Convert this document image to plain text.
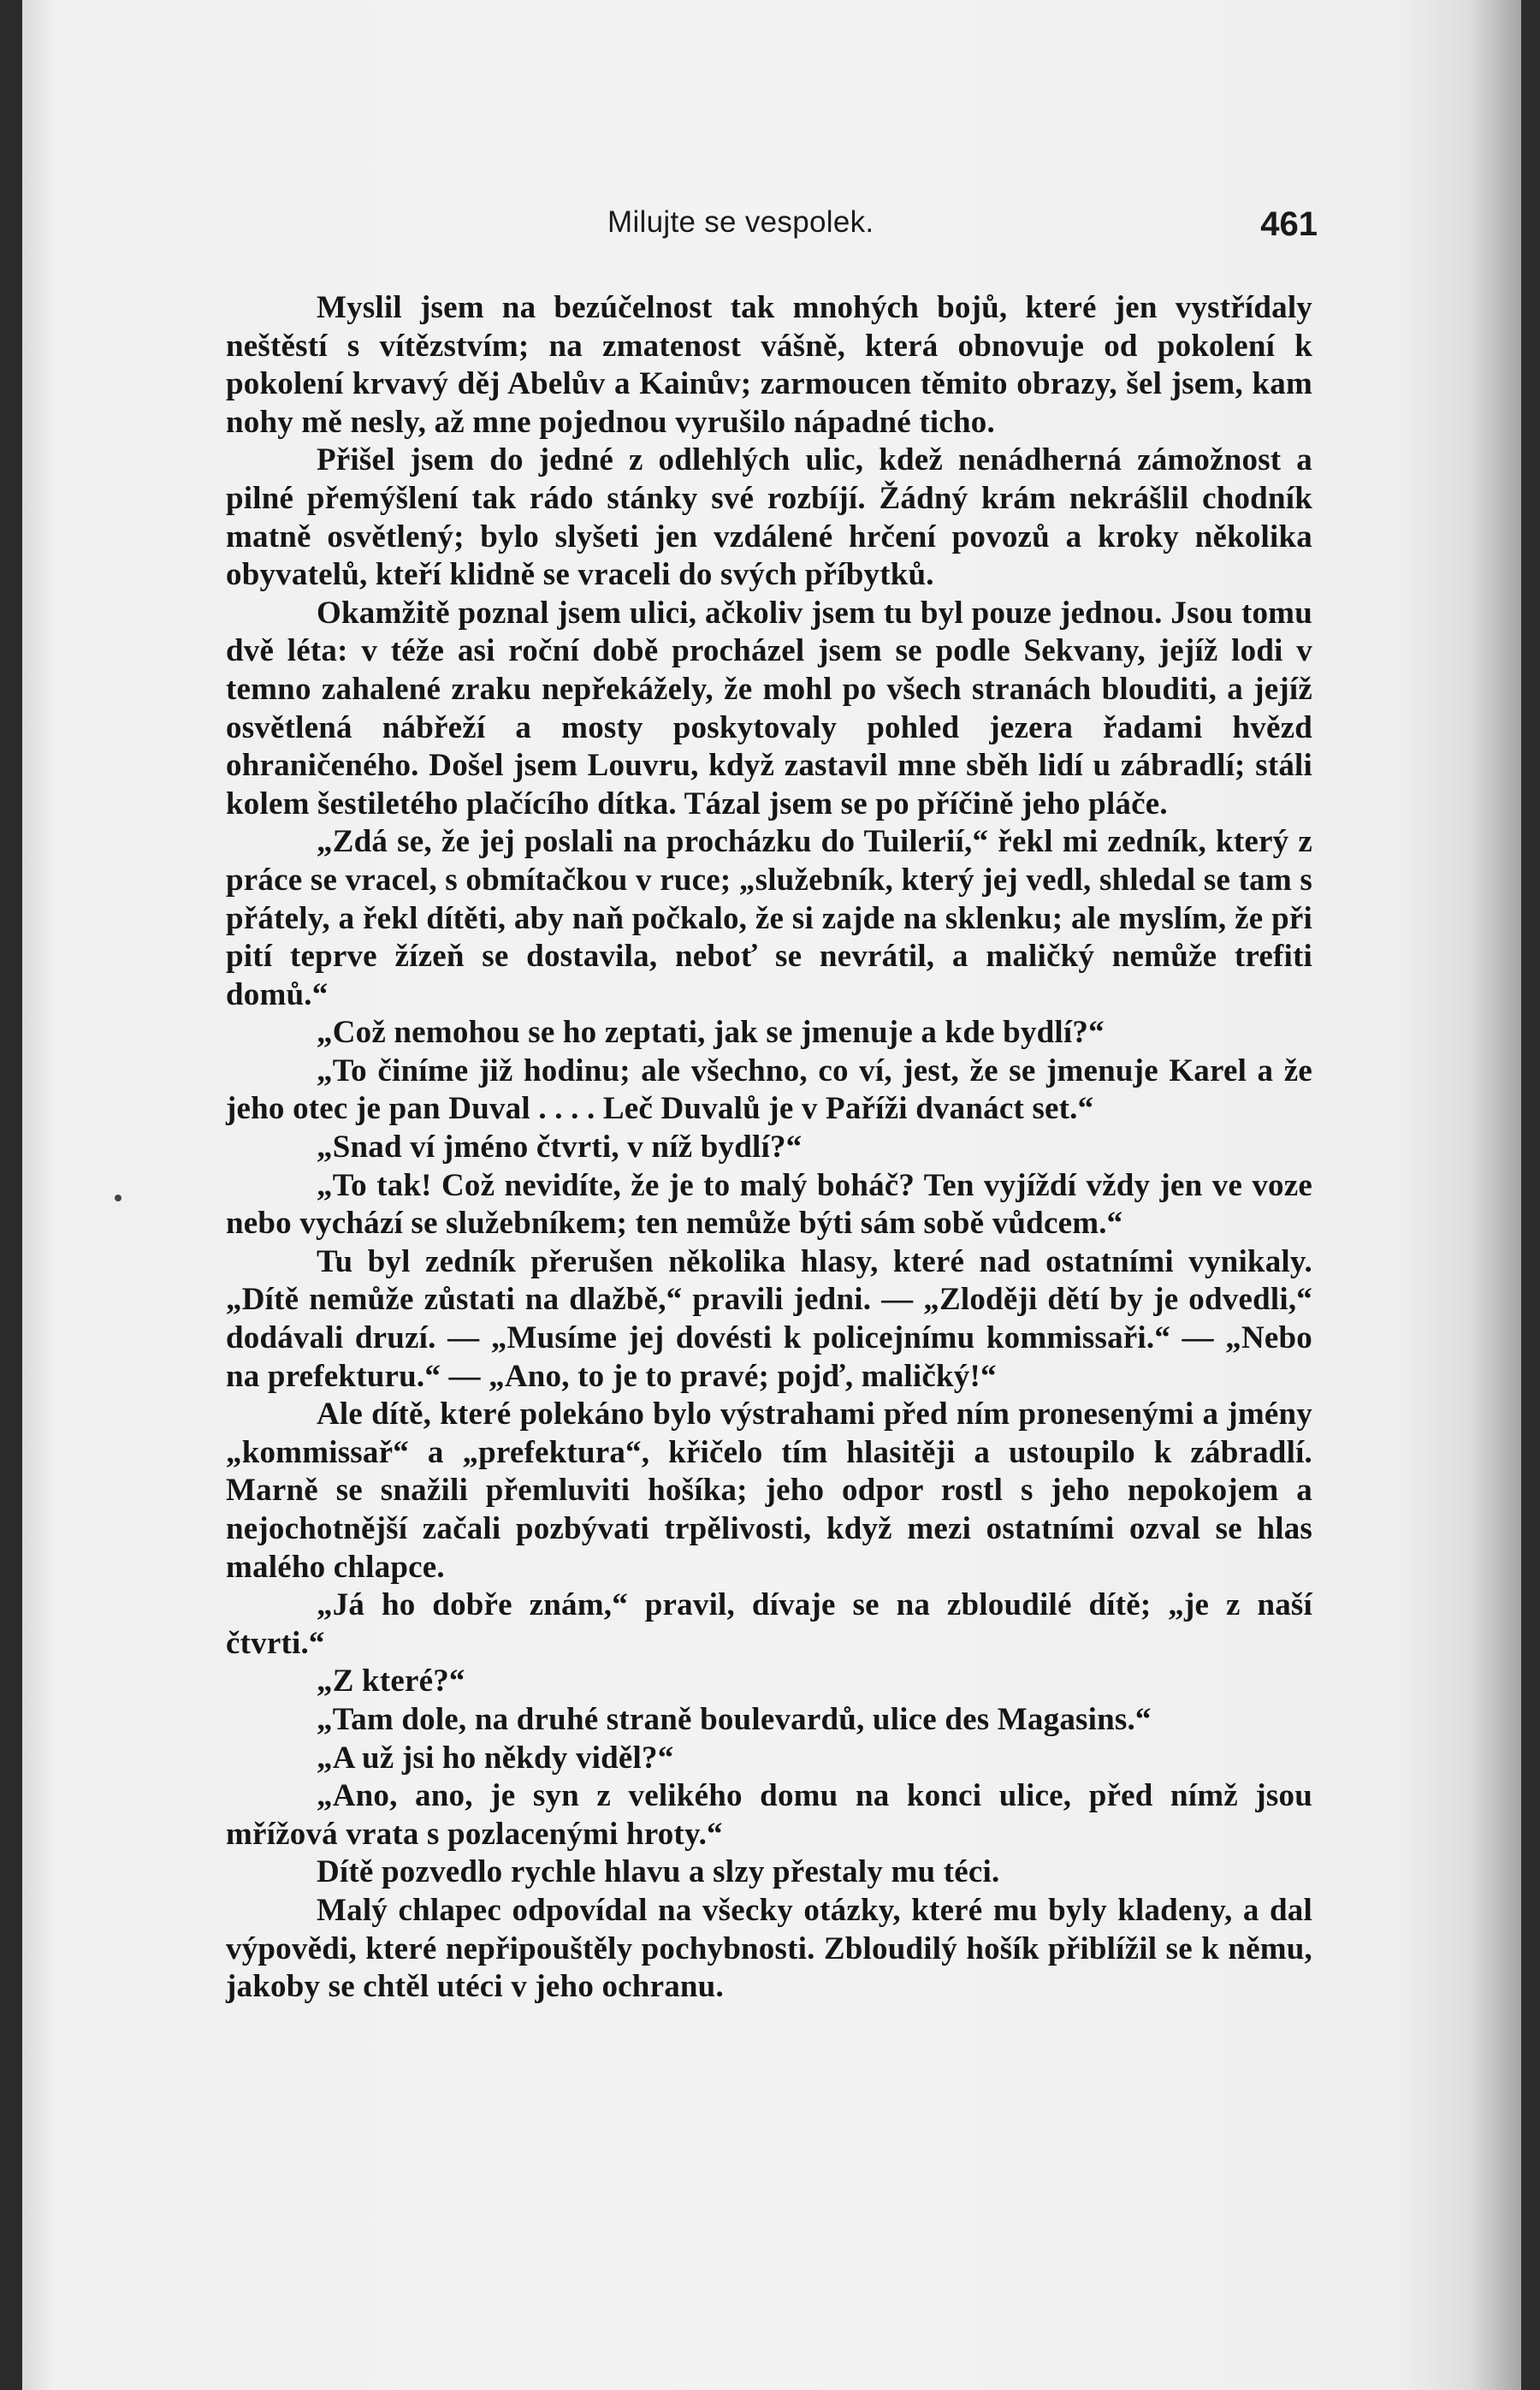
Milujte se vespolek.	461

Myslil jsem na bezúčelnost tak mnohých bojů, které jen vystřídaly neštěstí s vítězstvím; na zmatenost vášně, která obnovuje od pokolení k pokolení krvavý děj Abelův a Kainův; zarmoucen těmito obrazy, šel jsem, kam nohy mě nesly, až mne pojednou vyrušilo nápadné ticho.

Přišel jsem do jedné z odlehlých ulic, kdež nenádherná zámožnost a pilné přemýšlení tak rádo stánky své rozbíjí. Žádný krám nekrášlil chodník matně osvětlený; bylo slyšeti jen vzdálené hrčení povozů a kroky několika obyvatelů, kteří klidně se vraceli do svých příbytků.

Okamžitě poznal jsem ulici, ačkoliv jsem tu byl pouze jednou. Jsou tomu dvě léta: v téže asi roční době procházel jsem se podle Sekvany, jejíž lodi v temno zahalené zraku nepřekážely, že mohl po všech stranách blouditi, a jejíž osvětlená nábřeží a mosty poskytovaly pohled jezera řadami hvězd ohraničeného. Došel jsem Louvru, když zastavil mne sběh lidí u zábradlí; stáli kolem šestiletého plačícího dítka. Tázal jsem se po příčině jeho pláče.

„Zdá se, že jej poslali na procházku do Tuilerií,“ řekl mi zedník, který z práce se vracel, s obmítačkou v ruce; „služebník, který jej vedl, shledal se tam s přátely, a řekl dítěti, aby naň počkalo, že si zajde na sklenku; ale myslím, že při pití teprve žízeň se dostavila, neboť se nevrátil, a maličký nemůže trefiti domů.“

„Což nemohou se ho zeptati, jak se jmenuje a kde bydlí?“

„To činíme již hodinu; ale všechno, co ví, jest, že se jmenuje Karel a že jeho otec je pan Duval . . . . Leč Duvalů je v Paříži dvanáct set.“

„Snad ví jméno čtvrti, v níž bydlí?“

„To tak! Což nevidíte, že je to malý boháč? Ten vyjíždí vždy jen ve voze nebo vychází se služebníkem; ten nemůže býti sám sobě vůdcem.“

Tu byl zedník přerušen několika hlasy, které nad ostatními vynikaly. „Dítě nemůže zůstati na dlažbě,“ pravili jedni. — „Zloději dětí by je odvedli,“ dodávali druzí. — „Musíme jej dovésti k policejnímu kommissaři.“ — „Nebo na prefekturu.“ — „Ano, to je to pravé; pojď, maličký!“

Ale dítě, které polekáno bylo výstrahami před ním pronesenými a jmény „kommissař“ a „prefektura“, křičelo tím hlasitěji a ustoupilo k zábradlí. Marně se snažili přemluviti hošíka; jeho odpor rostl s jeho nepokojem a nejochotnější začali pozbývati trpělivosti, když mezi ostatními ozval se hlas malého chlapce.

„Já ho dobře znám,“ pravil, dívaje se na zbloudilé dítě; „je z naší čtvrti.“

„Z které?“

„Tam dole, na druhé straně boulevardů, ulice des Magasins.“

„A už jsi ho někdy viděl?“

„Ano, ano, je syn z velikého domu na konci ulice, před nímž jsou mřížová vrata s pozlacenými hroty.“

Dítě pozvedlo rychle hlavu a slzy přestaly mu téci.

Malý chlapec odpovídal na všecky otázky, které mu byly kladeny, a dal výpovědi, které nepřipouštěly pochybnosti. Zbloudilý hošík přiblížil se k němu, jakoby se chtěl utéci v jeho ochranu.
